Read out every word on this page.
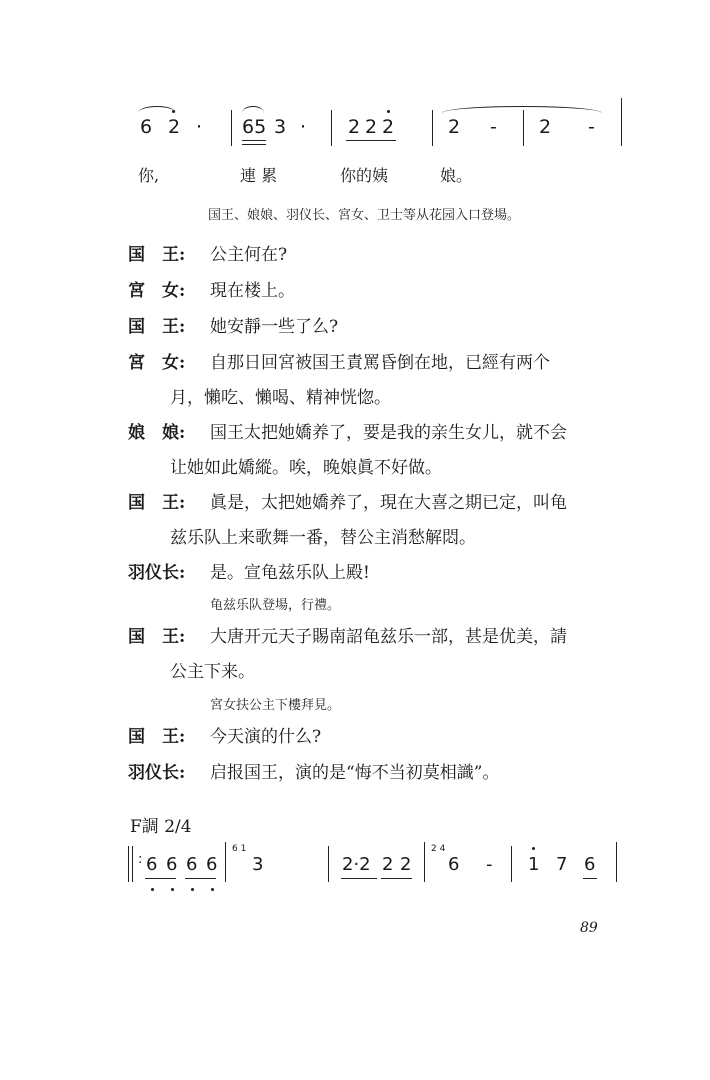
6 2 · 65 3 · 2 2 2	2 - 2 -
你,	連 累	你的姨	娘。
国王、娘娘、羽仪长、宮女、卫士等从花园入口登場。
国　王: 公主何在?
宮　女: 現在楼上。
国　王: 她安靜一些了么?
宮　女: 自那日回宮被国王責罵昏倒在地，已經有两个
月，懶吃、懶喝、精神恍惚。
娘　娘: 国王太把她嬌养了，要是我的亲生女儿，就不会
让她如此嬌縱。唉，晚娘眞不好做。
国　王: 眞是，太把她嬌养了，現在大喜之期已定，叫龟
兹乐队上来歌舞一番，替公主消愁解悶。
羽仪长: 是。宣龟兹乐队上殿!
龟兹乐队登場，行禮。
国　王: 大唐开元天子賜南詔龟兹乐一部，甚是优美，請
公主下来。
宮女扶公主下樓拜見。
国　王: 今天演的什么?
羽仪长: 启报国王，演的是“悔不当初莫相識”。
F調 2/4
: 6 6 6 6
6 1
3	2·2 2 2
2 4
6 - 1 7 6
89
